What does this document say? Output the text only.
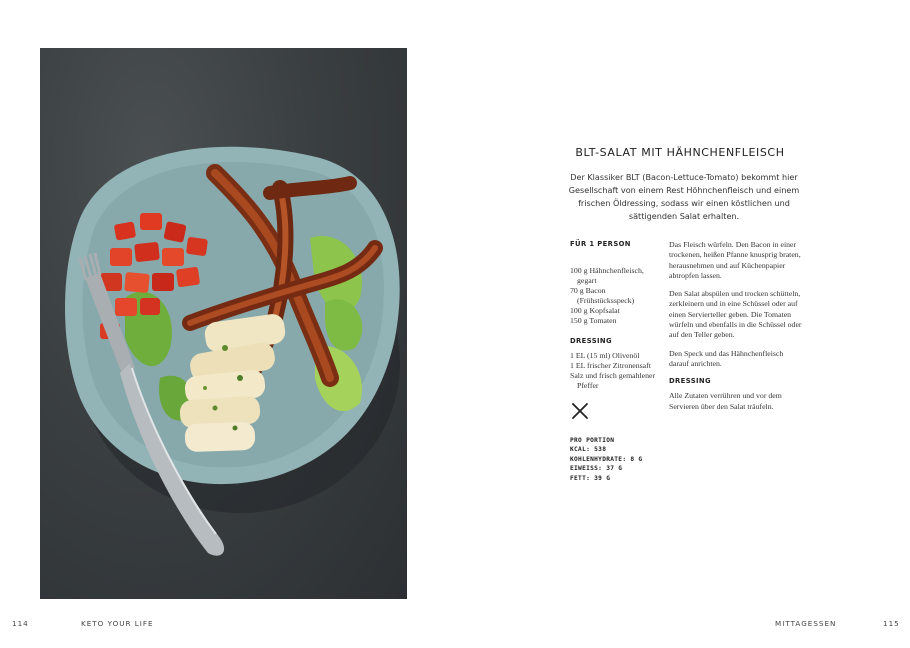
BLT-SALAT MIT HÄHNCHENFLEISCH

Der Klassiker BLT (Bacon-Lettuce-Tomato) bekommt hier Gesellschaft von einem Rest Höhnchenfleisch und einem frischen Öldressing, sodass wir einen köstlichen und sättigenden Salat erhalten.

FÜR 1 PERSON

100 g Hähnchenfleisch, gegart
70 g Bacon (Frühstücksspeck)
100 g Kopfsalat
150 g Tomaten

DRESSING

1 EL (15 ml) Olivenöl
1 EL frischer Zitronensaft
Salz und frisch gemahlener Pfeffer

PRO PORTION
KCAL: 538
KOHLENHYDRATE: 8 G
EIWEISS: 37 G
FETT: 39 G

Das Fleisch würfeln. Den Bacon in einer trockenen, heißen Pfanne knusprig braten, herausnehmen und auf Küchenpapier abtropfen lassen.

Den Salat abspülen und trocken schütteln, zerkleinern und in eine Schüssel oder auf einen Servierteller geben. Die Tomaten würfeln und ebenfalls in die Schüssel oder auf den Teller geben.

Den Speck und das Hähnchenfleisch darauf anrichten.

DRESSING

Alle Zutaten verrühren und vor dem Servieren über den Salat träufeln.

114	KETO YOUR LIFE	MITTAGESSEN	115
